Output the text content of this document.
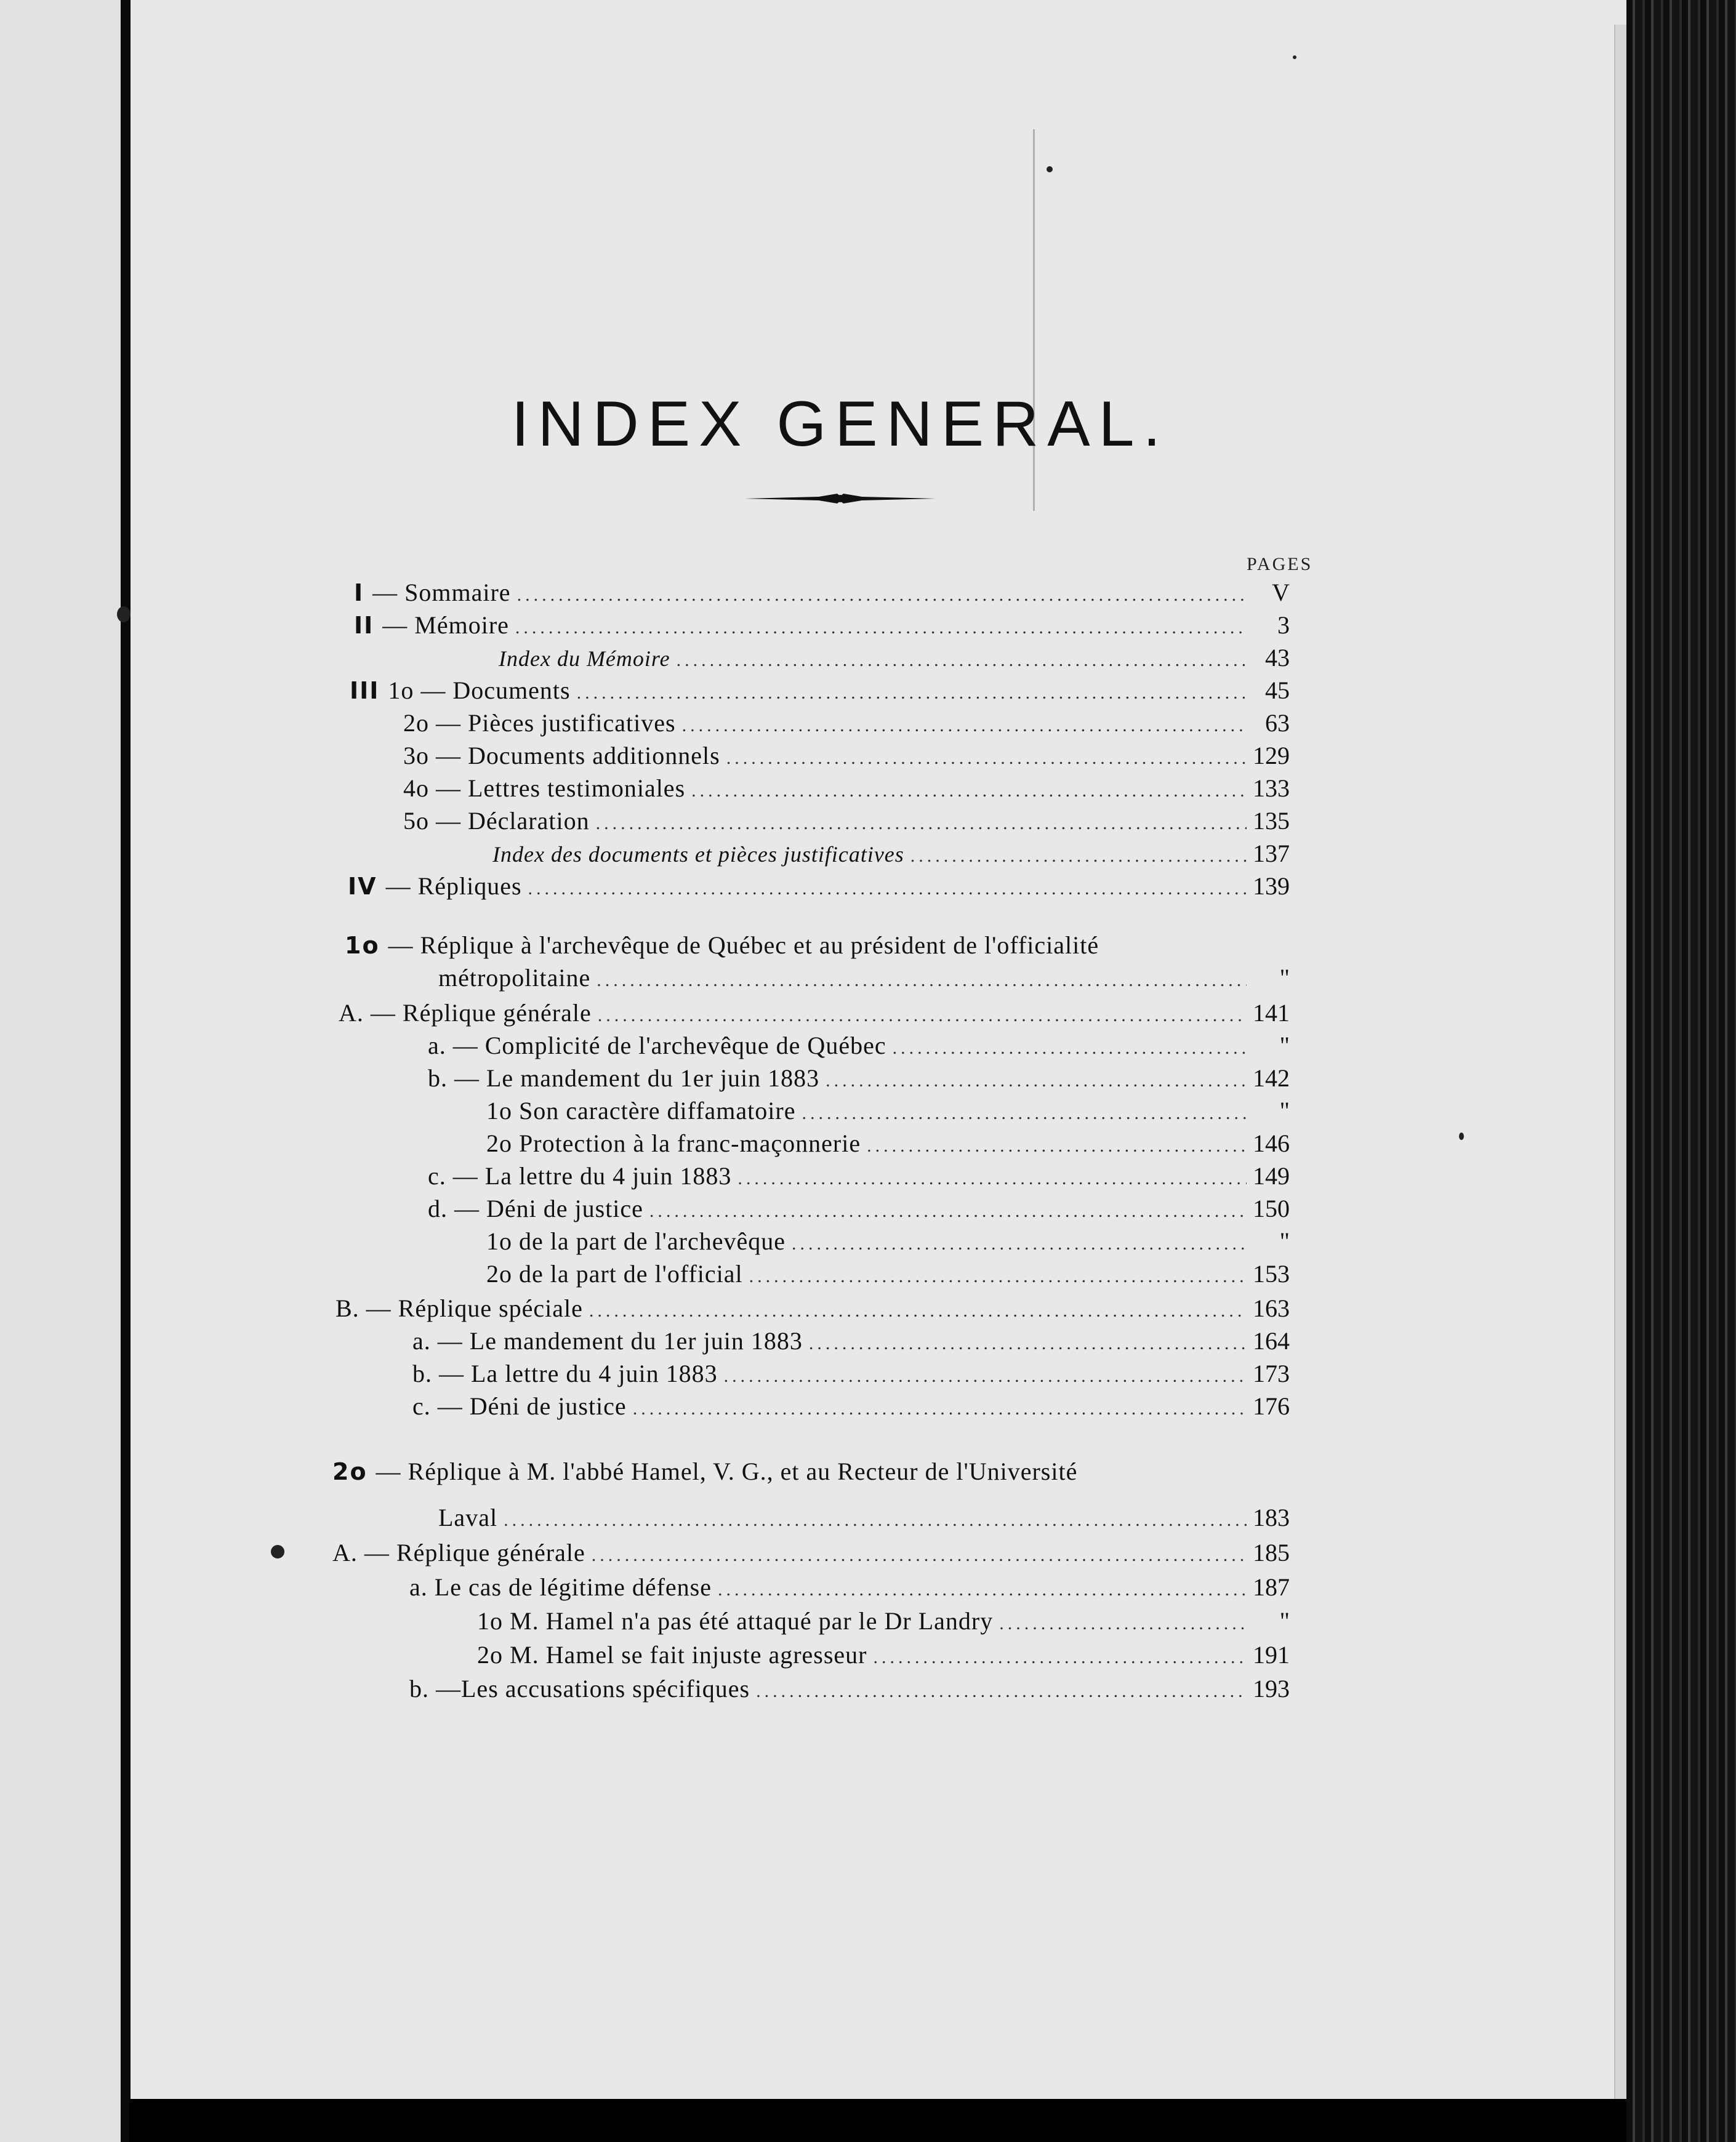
INDEX GENERAL.
PAGES
I — Sommaire .....	V
II — Mémoire .....	3
Index du Mémoire .....	43
III 1o — Documents .....	45
2o — Pièces justificatives .....	63
3o — Documents additionnels .....	129
4o — Lettres testimoniales .....	133
5o — Déclaration .....	135
Index des documents et pièces justificatives .....	137
IV — Répliques .....	139
1o — Réplique à l'archevêque de Québec et au président de l'officialité
métropolitaine .....	"
A. — Réplique générale .....	141
a. — Complicité de l'archevêque de Québec .....	"
b. — Le mandement du 1er juin 1883 .....	142
1o Son caractère diffamatoire .....	"
2o Protection à la franc-maçonnerie .....	146
c. — La lettre du 4 juin 1883 .....	149
d. — Déni de justice .....	150
1o de la part de l'archevêque .....	"
2o de la part de l'official .....	153
B. — Réplique spéciale .....	163
a. — Le mandement du 1er juin 1883 .....	164
b. — La lettre du 4 juin 1883 .....	173
c. — Déni de justice .....	176
2o — Réplique à M. l'abbé Hamel, V. G., et au Recteur de l'Université
Laval .....	183
A. — Réplique générale .....	185
a. Le cas de légitime défense .....	187
1o M. Hamel n'a pas été attaqué par le Dr Landry .....	"
2o M. Hamel se fait injuste agresseur .....	191
b. —Les accusations spécifiques .....	193
